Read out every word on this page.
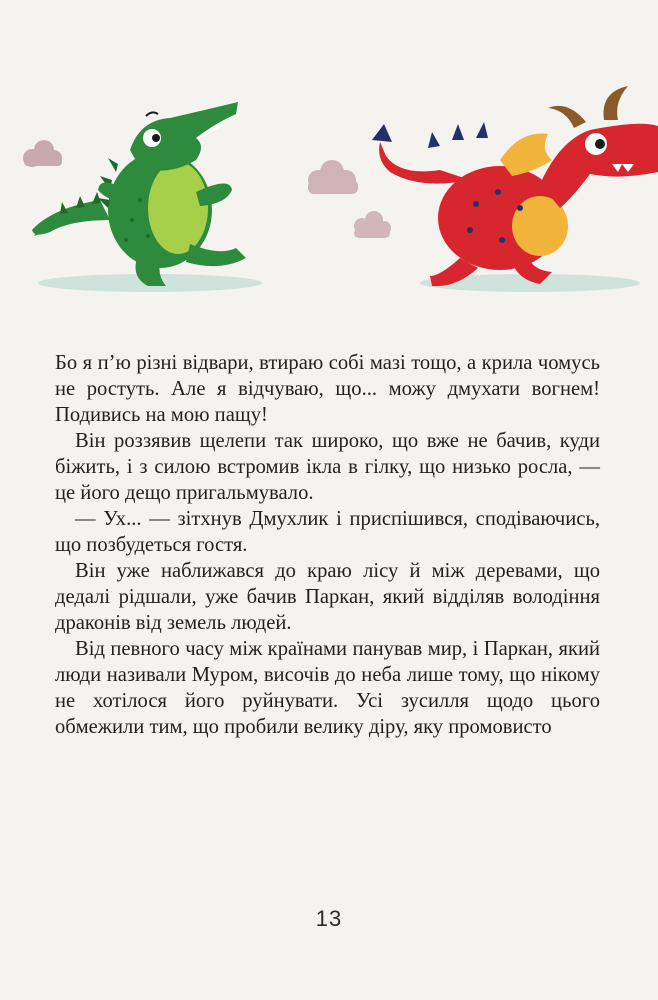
Бо я п’ю різні відвари, втираю собі мазі тощо, а крила чомусь не ростуть. Але я відчуваю, що... можу дмухати вогнем! Подивись на мою пащу!

Він роззявив щелепи так широко, що вже не бачив, куди біжить, і з силою встромив ікла в гілку, що низько росла, — це його дещо пригальмувало.

— Ух... — зітхнув Дмухлик і приспішився, сподіваючись, що позбудеться гостя.

Він уже наближався до краю лісу й між деревами, що дедалі рідшали, уже бачив Паркан, який відділяв володіння драконів від земель людей.

Від певного часу між країнами панував мир, і Паркан, який люди називали Муром, височів до неба лише тому, що нікому не хотілося його руйнувати. Усі зусилля щодо цього обмежили тим, що пробили велику діру, яку промовисто

13
